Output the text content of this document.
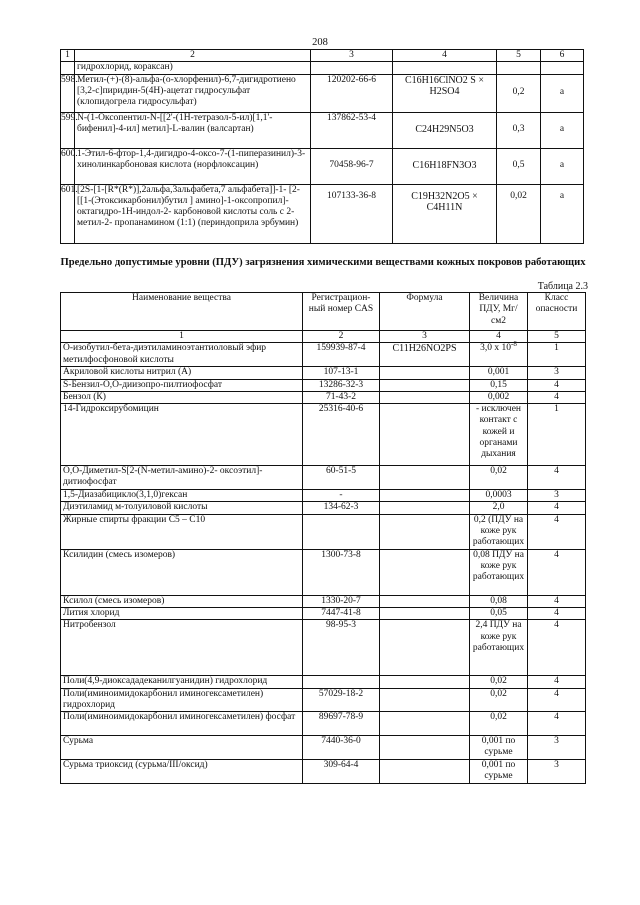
208
1	2	3	4	5	6
	гидрохлорид, кораксан)				
598.	Метил-(+)-(8)-альфа-(о-хлорфенил)-6,7-дигидротиено [3,2-с]пиридин-5(4Н)-ацетат гидросульфат (клопидогрела гидросульфат)	120202-66-6	C16H16ClNO2 S × H2SO4	0,2	а
599.	N-(1-Оксопентил-N-[[2'-(1Н-тетразол-5-ил)[1,1'-бифенил]-4-ил] метил]-L-валин (валсартан)	137862-53-4	C24H29N5O3	0,3	а
600.	1-Этил-6-фтор-1,4-дигидро-4-оксо-7-(1-пиперазинил)-3-хинолинкарбоновая кислота (норфлоксацин)	70458-96-7	C16H18FN3O3	0,5	а
601.	[2S-[1-[R*(R*)],2альфа,3альфабета,7 альфабета]]-1- [2-[[1-(Этоксикарбонил)бутил ] амино]-1-оксопропил]-октагидро-1Н-индол-2- карбоновой кислоты соль с 2-метил-2- пропанамином (1:1) (периндоприла эрбумин)	107133-36-8	C19H32N2O5 × C4H11N	0,02	а
Предельно допустимые уровни (ПДУ) загрязнения химическими веществами кожных покровов работающих
Таблица 2.3
Наименование вещества	Регистрацион-ный номер CAS	Формула	Величина ПДУ, Мг/ см2	Класс опасности
1	2	3	4	5
О-изобутил-бета-диэтиламиноэтантиоловый эфир метилфосфоновой кислоты	159939-87-4	C11H26NO2PS	3,0 х $10^{-8}$	1
Акриловой кислоты нитрил (А)	107-13-1		0,001	3
S-Бензил-О,О-диизопро-пилтиофосфат	13286-32-3		0,15	4
Бензол (К)	71-43-2		0,002	4
14-Гидроксирубомицин	25316-40-6		- исключен контакт с кожей и органами дыхания	1
О,О-Диметил-S[2-(N-метил-амино)-2- оксоэтил]-дитиофосфат	60-51-5		0,02	4
1,5-Диазабицикло(3,1,0)гексан	-		0,0003	3
Диэтиламид м-толуиловой кислоты	134-62-3		2,0	4
Жирные спирты фракции С5 – С10			0,2 (ПДУ на коже рук работающих	4
Ксилидин (смесь изомеров)	1300-73-8		0,08 ПДУ на коже рук работающих	4
Ксилол (смесь изомеров)	1330-20-7		0,08	4
Лития хлорид	7447-41-8		0,05	4
Нитробензол	98-95-3		2,4 ПДУ на коже рук работающих	4
Поли(4,9-диоксададеканилгуанидин) гидрохлорид			0,02	4
Поли(иминоимидокарбонил иминогексаметилен) гидрохлорид	57029-18-2		0,02	4
Поли(иминоимидокарбонил иминогексаметилен) фосфат	89697-78-9		0,02	4
Сурьма	7440-36-0		0,001 по сурьме	3
Сурьма триоксид (сурьма/III/оксид)	309-64-4		0,001 по сурьме	3
